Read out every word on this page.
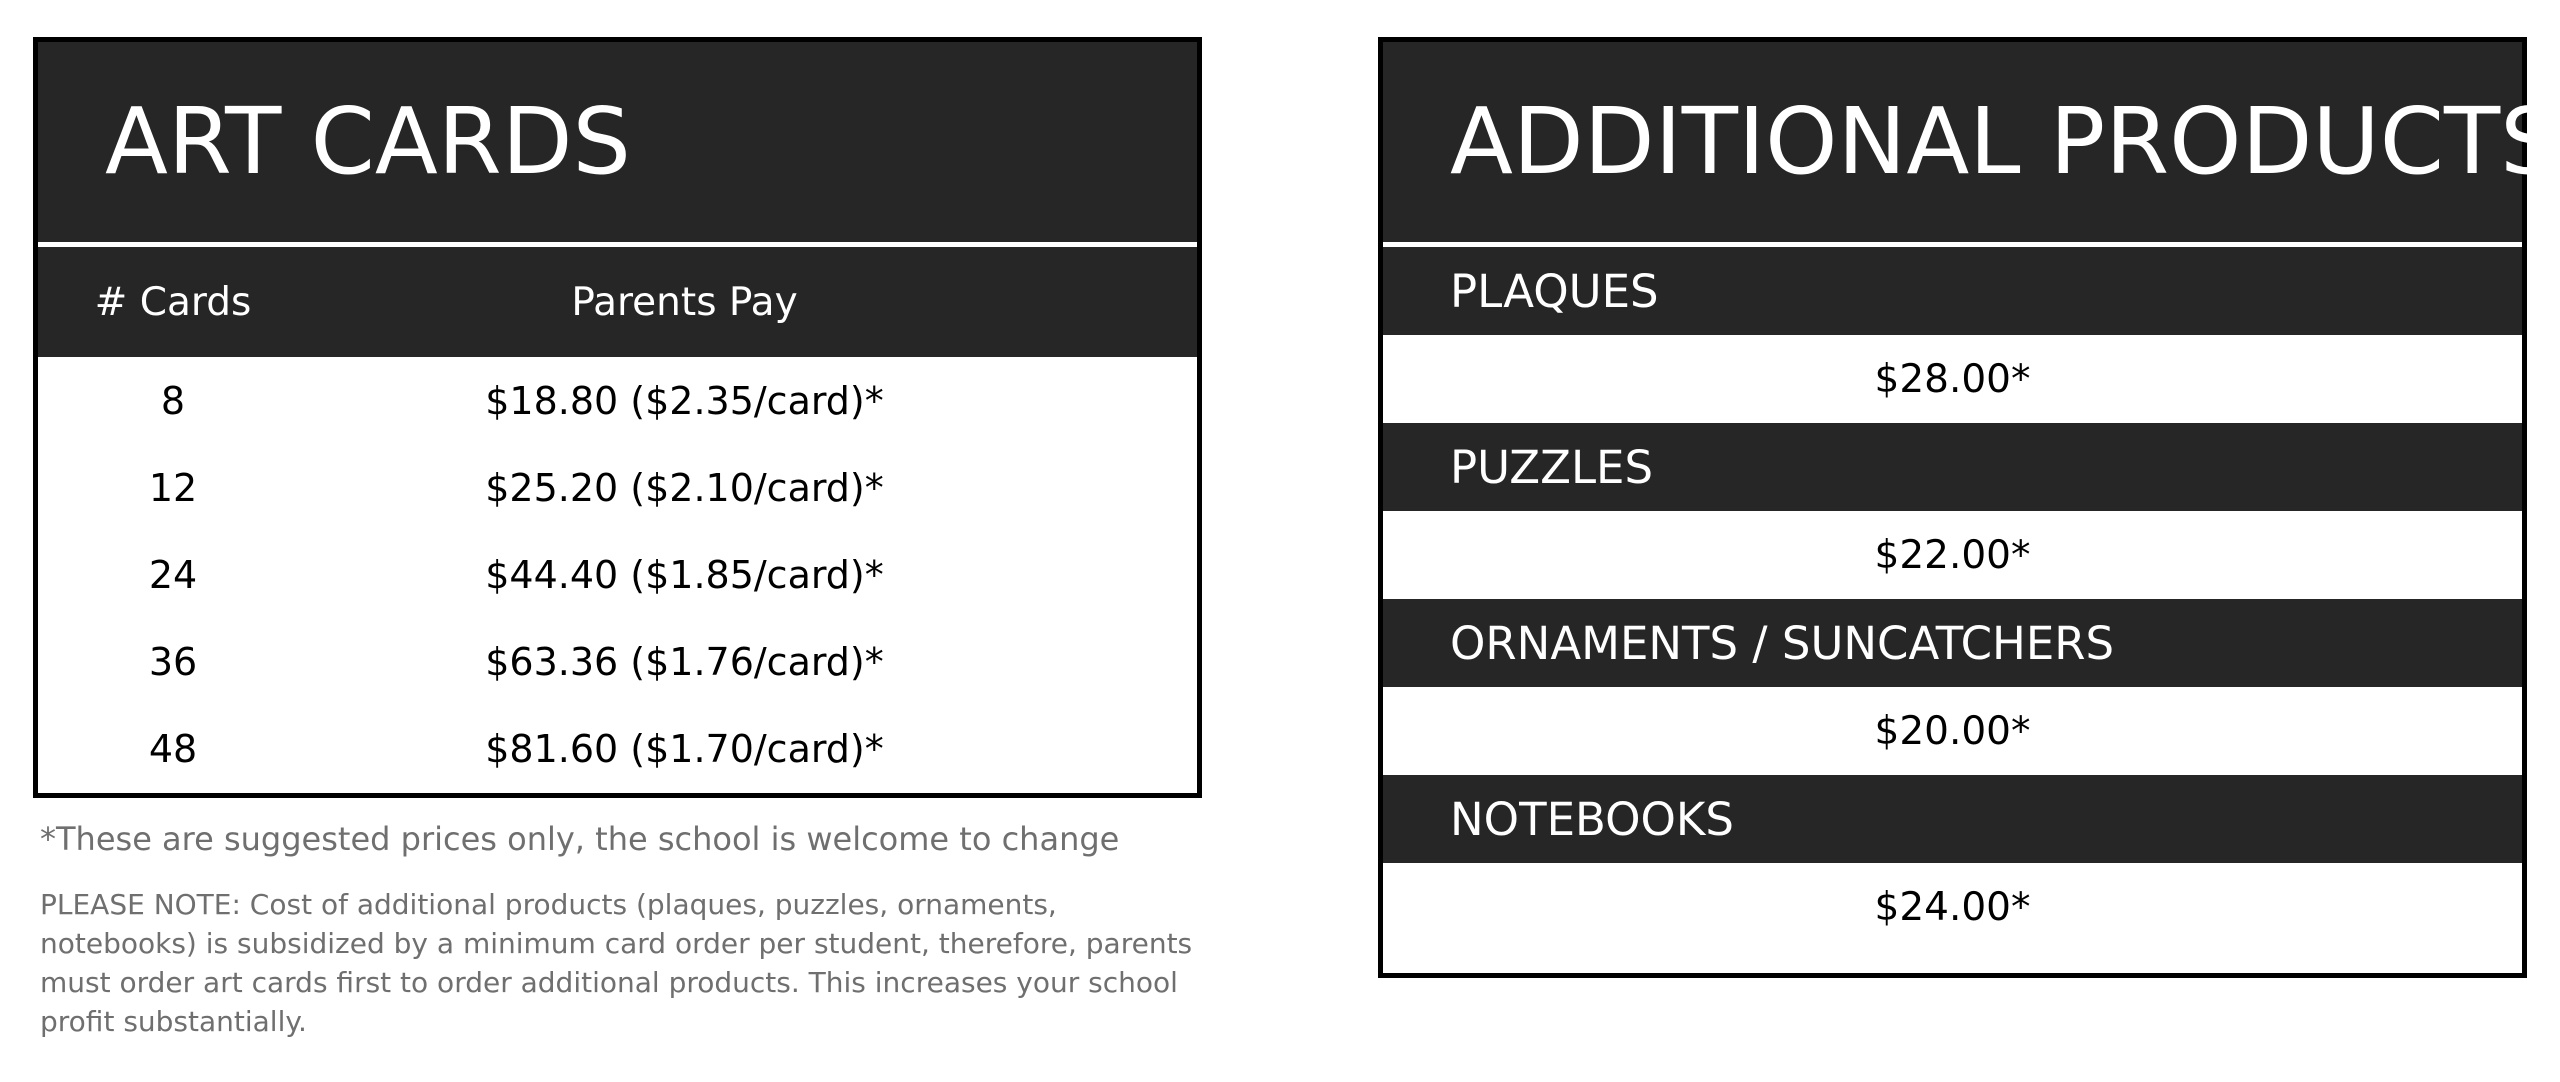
ART CARDS
# Cards	Parents Pay
8	$18.80 ($2.35/card)*
12	$25.20 ($2.10/card)*
24	$44.40 ($1.85/card)*
36	$63.36 ($1.76/card)*
48	$81.60 ($1.70/card)*
*These are suggested prices only, the school is welcome to change
PLEASE NOTE: Cost of additional products (plaques, puzzles, ornaments, notebooks) is subsidized by a minimum card order per student, therefore, parents must order art cards first to order additional products. This increases your school profit substantially.
ADDITIONAL PRODUCTS
PLAQUES
$28.00*
PUZZLES
$22.00*
ORNAMENTS / SUNCATCHERS
$20.00*
NOTEBOOKS
$24.00*
